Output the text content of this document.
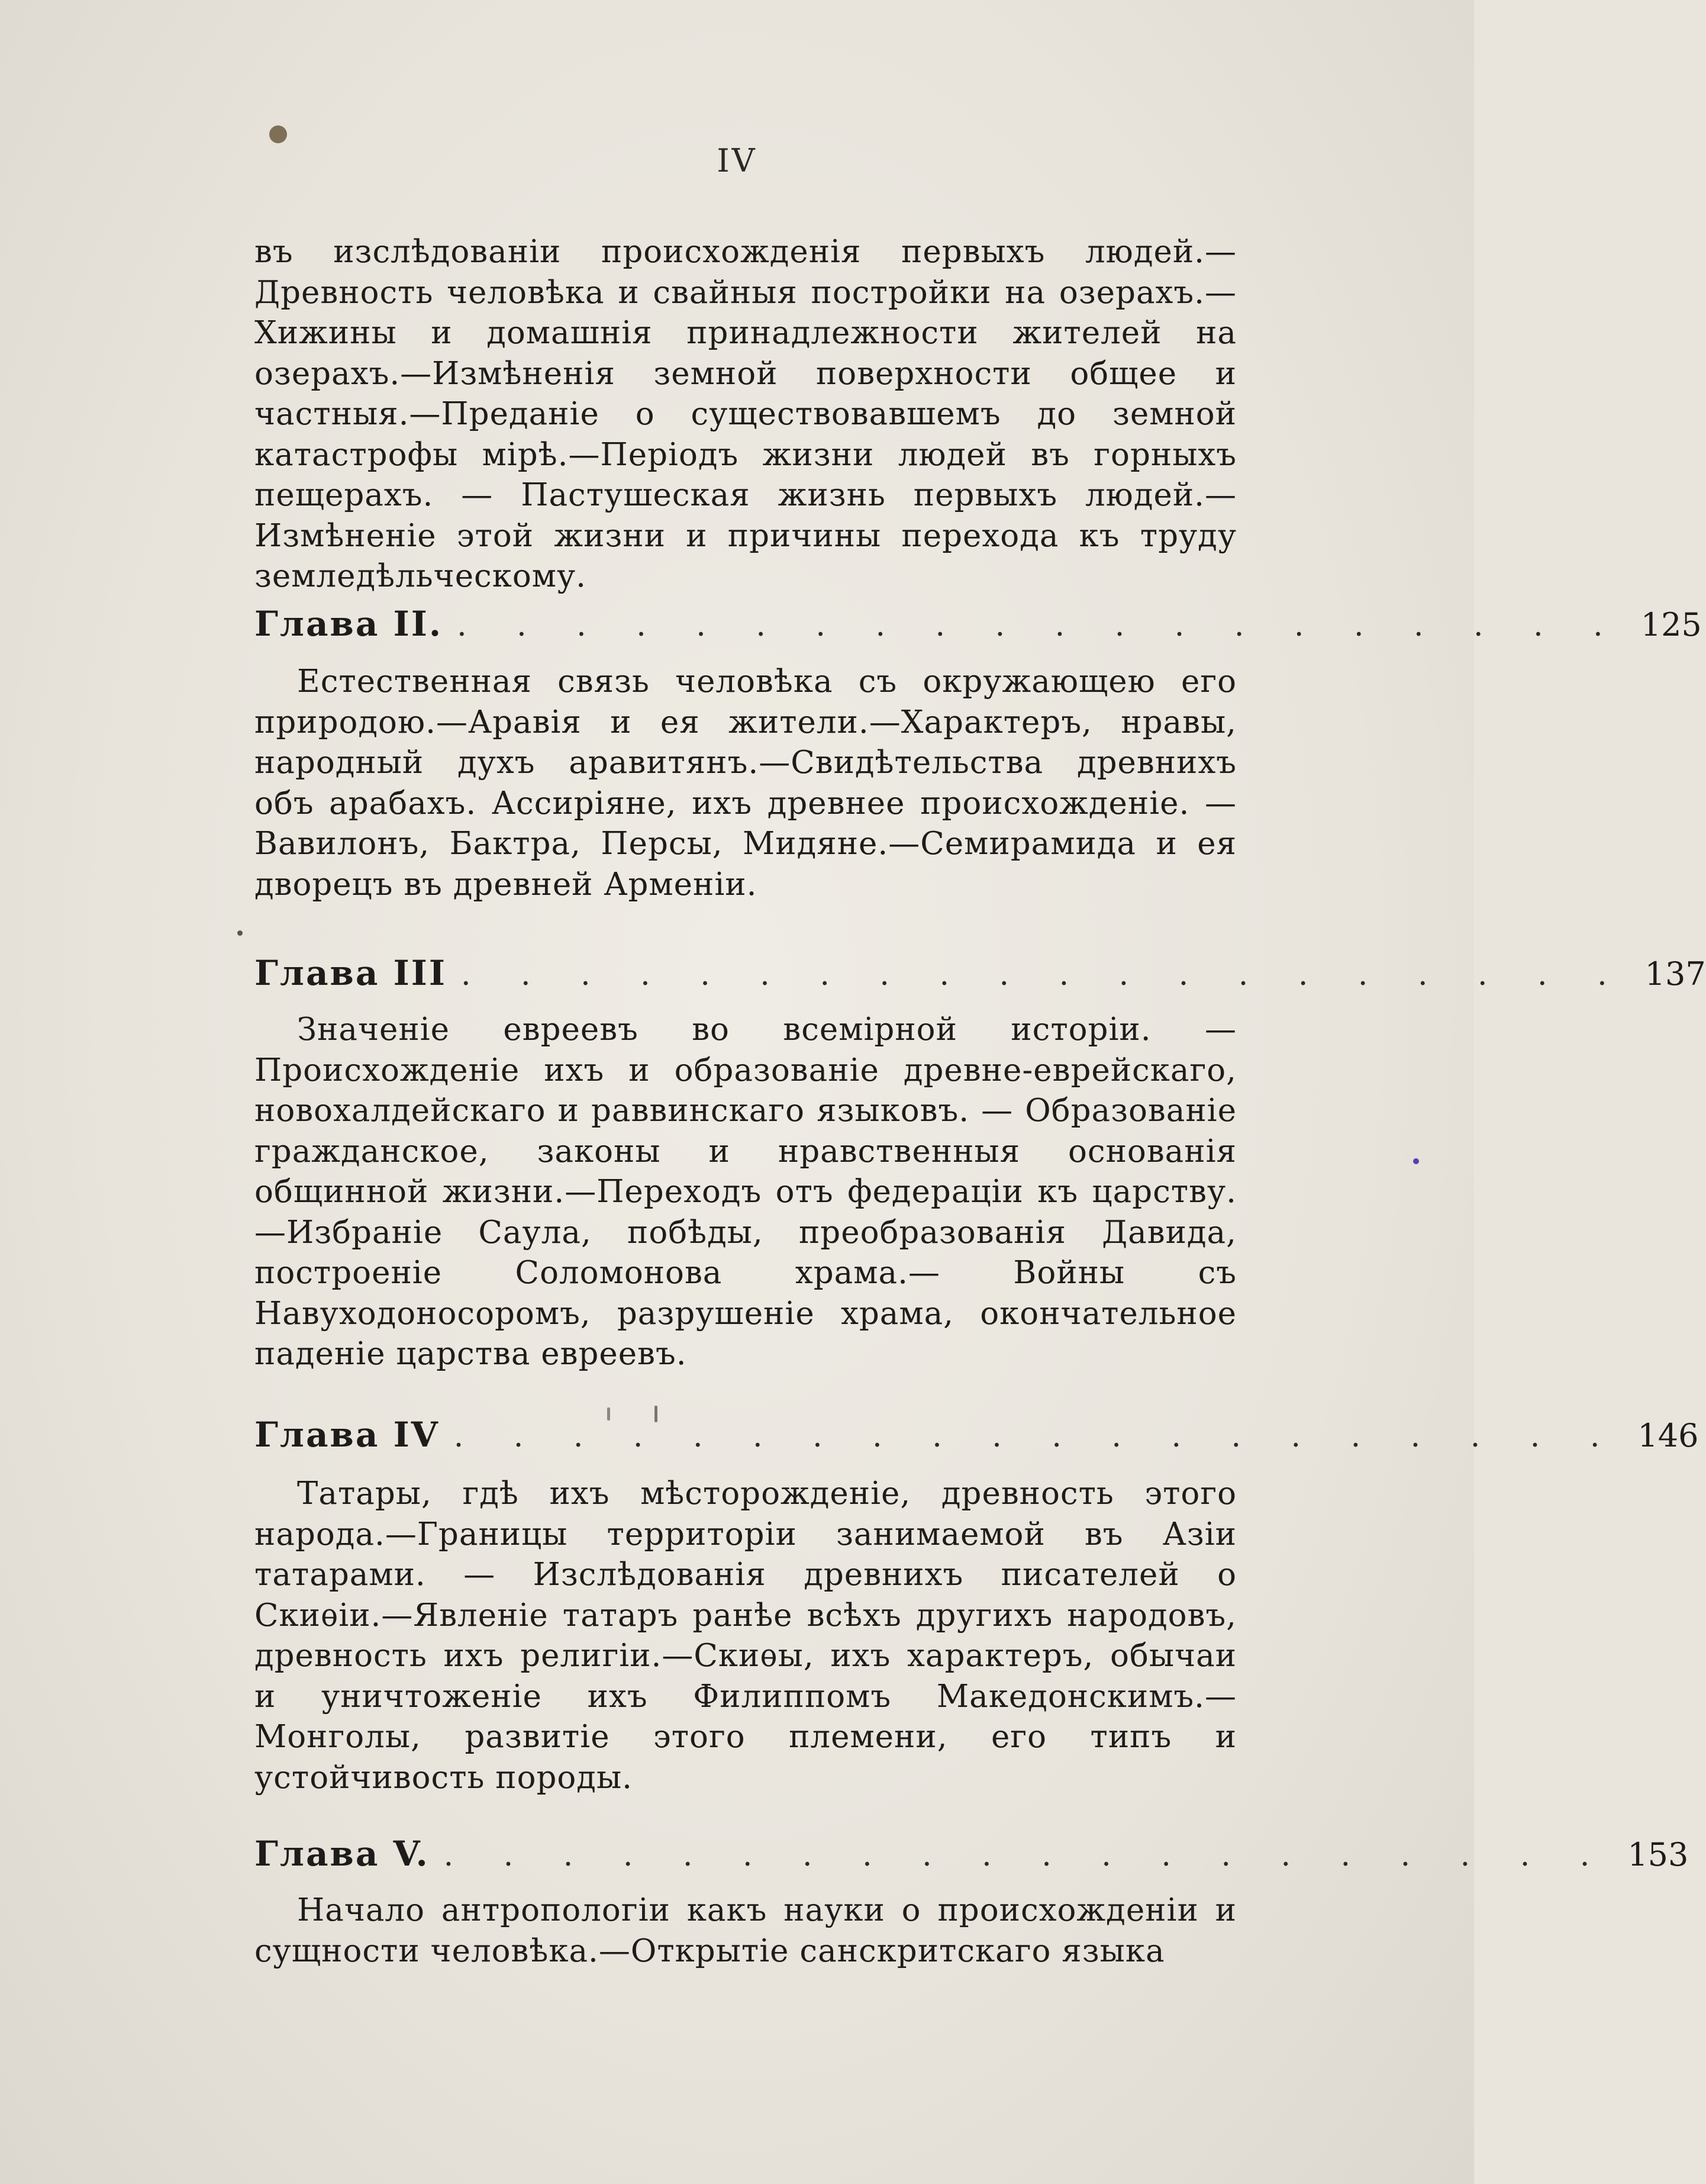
IV

въ изслѣдованiи происхожденія первыхъ людей.—Древность человѣка и свайныя постройки на озерахъ.—Хижины и домашнія принадлежности жителей на озерахъ.—Измѣненія земной поверхности общее и частныя.—Преданіе о существовавшемъ до земной катастрофы мірѣ.—Періодъ жизни людей въ горныхъ пещерахъ. — Пастушеская жизнь первыхъ людей.—Измѣненіе этой жизни и причины перехода къ труду земледѣльческому.

Глава II. . . . . . . . . . . . . . . . . . . . . 125

Естественная связь человѣка съ окружающею его природою.—Аравія и ея жители.—Характеръ, нравы, народный духъ аравитянъ.—Свидѣтельства древнихъ объ арабахъ. Ассиріяне, ихъ древнее происхожденіе. —Вавилонъ, Бактра, Персы, Мидяне.—Семирамида и ея дворецъ въ древней Арменіи.

Глава III . . . . . . . . . . . . . . . . . . . . 137

Значеніе евреевъ во всемірной исторіи. — Происхожденіе ихъ и образованіе древне-еврейскаго, новохалдейскаго и раввинскаго языковъ. — Образованіе гражданское, законы и нравственныя основанія общинной жизни.—Переходъ отъ федераціи къ царству.—Избраніе Саула, побѣды, преобразованія Давида, построеніе Соломонова храма.— Войны съ Навуходоносоромъ, разрушеніе храма, окончательное паденіе царства евреевъ.

Глава IV . . . . . . . . . . . . . . . . . . . . 146

Татары, гдѣ ихъ мѣсторожденіе, древность этого народа.—Границы территоріи занимаемой въ Азіи татарами. — Изслѣдованія древнихъ писателей о Скиѳіи.—Явленіе татаръ ранѣе всѣхъ другихъ народовъ, древность ихъ религіи.—Скиѳы, ихъ характеръ, обычаи и уничтоженіе ихъ Филиппомъ Македонскимъ.—Монголы, развитіе этого племени, его типъ и устойчивость породы.

Глава V. . . . . . . . . . . . . . . . . . . . . 153

Начало антропологіи какъ науки о происхожденіи и сущности человѣка.—Открытіе санскритскаго языка
